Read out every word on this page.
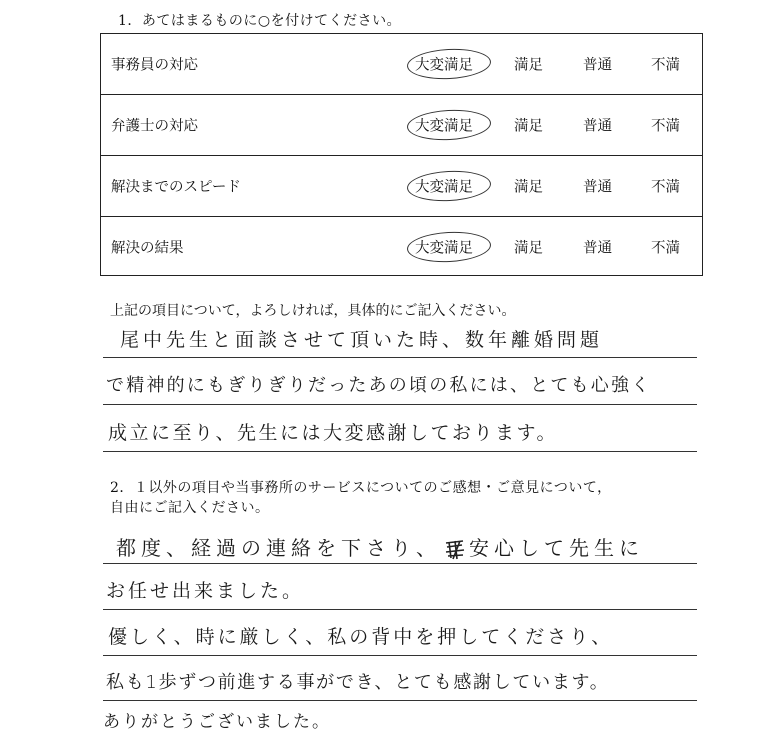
1．あてはまるものに○を付けてください。
事務員の対応	大変満足	満足	普通	不満
弁護士の対応	大変満足	満足	普通	不満
解決までのスピード	大変満足	満足	普通	不満
解決の結果	大変満足	満足	普通	不満
上記の項目について，よろしければ，具体的にご記入ください。
尾中先生と面談させて頂いた時、数年離婚問題
で精神的にもぎりぎりだったあの頃の私には、とても心強く
成立に至り、先生には大変感謝しております。
2．１以外の項目や当事務所のサービスについてのご感想・ご意見について，
自由にご記入ください。
都度、経過の連絡を下さり、 安心して先生に
お任せ出来ました。
優しく、時に厳しく、私の背中を押してくださり、
私も1歩ずつ前進する事ができ、とても感謝しています。
ありがとうございました。
